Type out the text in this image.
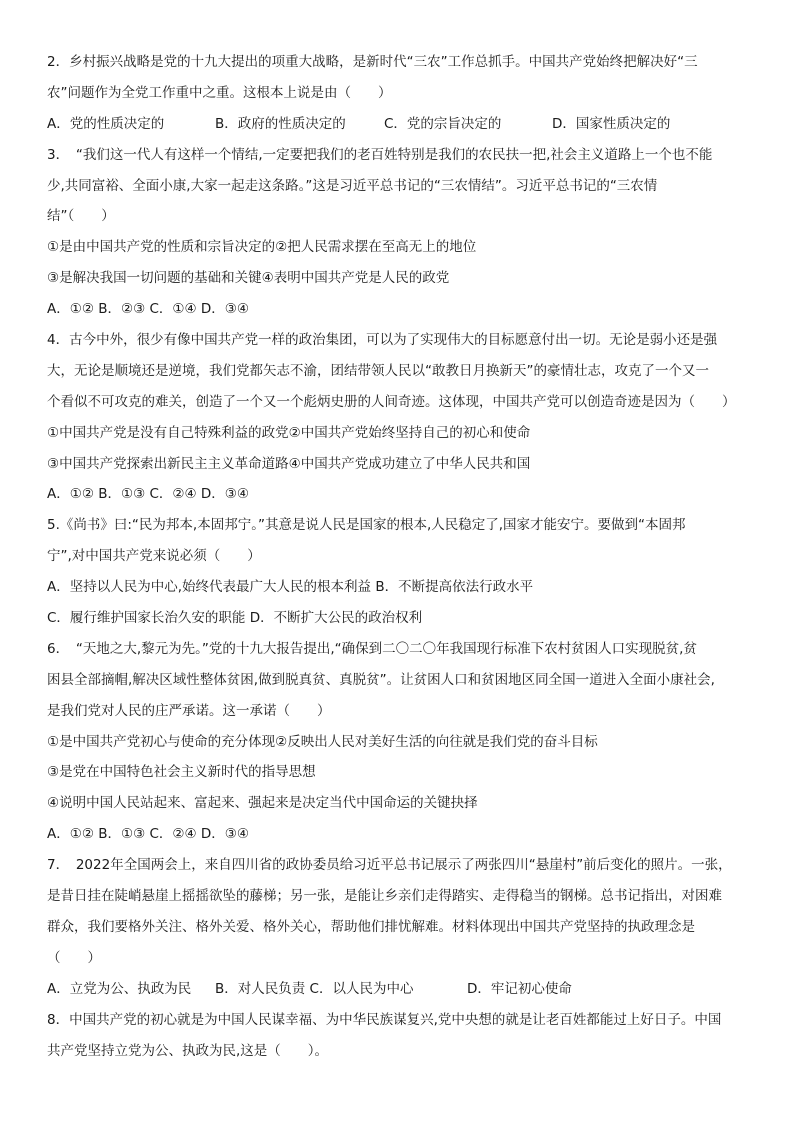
2．乡村振兴战略是党的十九大提出的项重大战略，是新时代“三农”工作总抓手。中国共产党始终把解决好“三
农”问题作为全党工作重中之重。这根本上说是由（　　）
A．党的性质决定的	B．政府的性质决定的	C．党的宗旨决定的	D．国家性质决定的
3．　“我们这一代人有这样一个情结,一定要把我们的老百姓特别是我们的农民扶一把,社会主义道路上一个也不能
少,共同富裕、全面小康,大家一起走这条路。”这是习近平总书记的“三农情结”。习近平总书记的“三农情
结”（　　）
①是由中国共产党的性质和宗旨决定的②把人民需求摆在至高无上的地位
③是解决我国一切问题的基础和关键④表明中国共产党是人民的政党
A．①② B．②③ C．①④ D．③④
4．古今中外，很少有像中国共产党一样的政治集团，可以为了实现伟大的目标愿意付出一切。无论是弱小还是强
大，无论是顺境还是逆境，我们党都矢志不渝，团结带领人民以“敢教日月换新天”的豪情壮志，攻克了一个又一
个看似不可攻克的难关，创造了一个又一个彪炳史册的人间奇迹。这体现，中国共产党可以创造奇迹是因为（　　）
①中国共产党是没有自己特殊利益的政党②中国共产党始终坚持自己的初心和使命
③中国共产党探索出新民主主义革命道路④中国共产党成功建立了中华人民共和国
A．①② B．①③ C．②④ D．③④
5.《尚书》曰:“民为邦本,本固邦宁。”其意是说人民是国家的根本,人民稳定了,国家才能安宁。要做到“本固邦
宁”,对中国共产党来说必须（　　）
A．坚持以人民为中心,始终代表最广大人民的根本利益 B．不断提高依法行政水平
C．履行维护国家长治久安的职能 D．不断扩大公民的政治权利
6．　“天地之大,黎元为先。”党的十九大报告提出,“确保到二〇二〇年我国现行标准下农村贫困人口实现脱贫,贫
困县全部摘帽,解决区域性整体贫困,做到脱真贫、真脱贫”。让贫困人口和贫困地区同全国一道进入全面小康社会,
是我们党对人民的庄严承诺。这一承诺（　　）
①是中国共产党初心与使命的充分体现②反映出人民对美好生活的向往就是我们党的奋斗目标
③是党在中国特色社会主义新时代的指导思想
④说明中国人民站起来、富起来、强起来是决定当代中国命运的关键抉择
A．①② B．①③ C．②④ D．③④
7．　2022年全国两会上，来自四川省的政协委员给习近平总书记展示了两张四川“悬崖村”前后变化的照片。一张，
是昔日挂在陡峭悬崖上摇摇欲坠的藤梯；另一张，是能让乡亲们走得踏实、走得稳当的钢梯。总书记指出，对困难
群众，我们要格外关注、格外关爱、格外关心，帮助他们排忧解难。材料体现出中国共产党坚持的执政理念是
（　　）
A．立党为公、执政为民 B．对人民负责 C．以人民为中心	D．牢记初心使命
8．中国共产党的初心就是为中国人民谋幸福、为中华民族谋复兴,党中央想的就是让老百姓都能过上好日子。中国
共产党坚持立党为公、执政为民,这是（　　）。
